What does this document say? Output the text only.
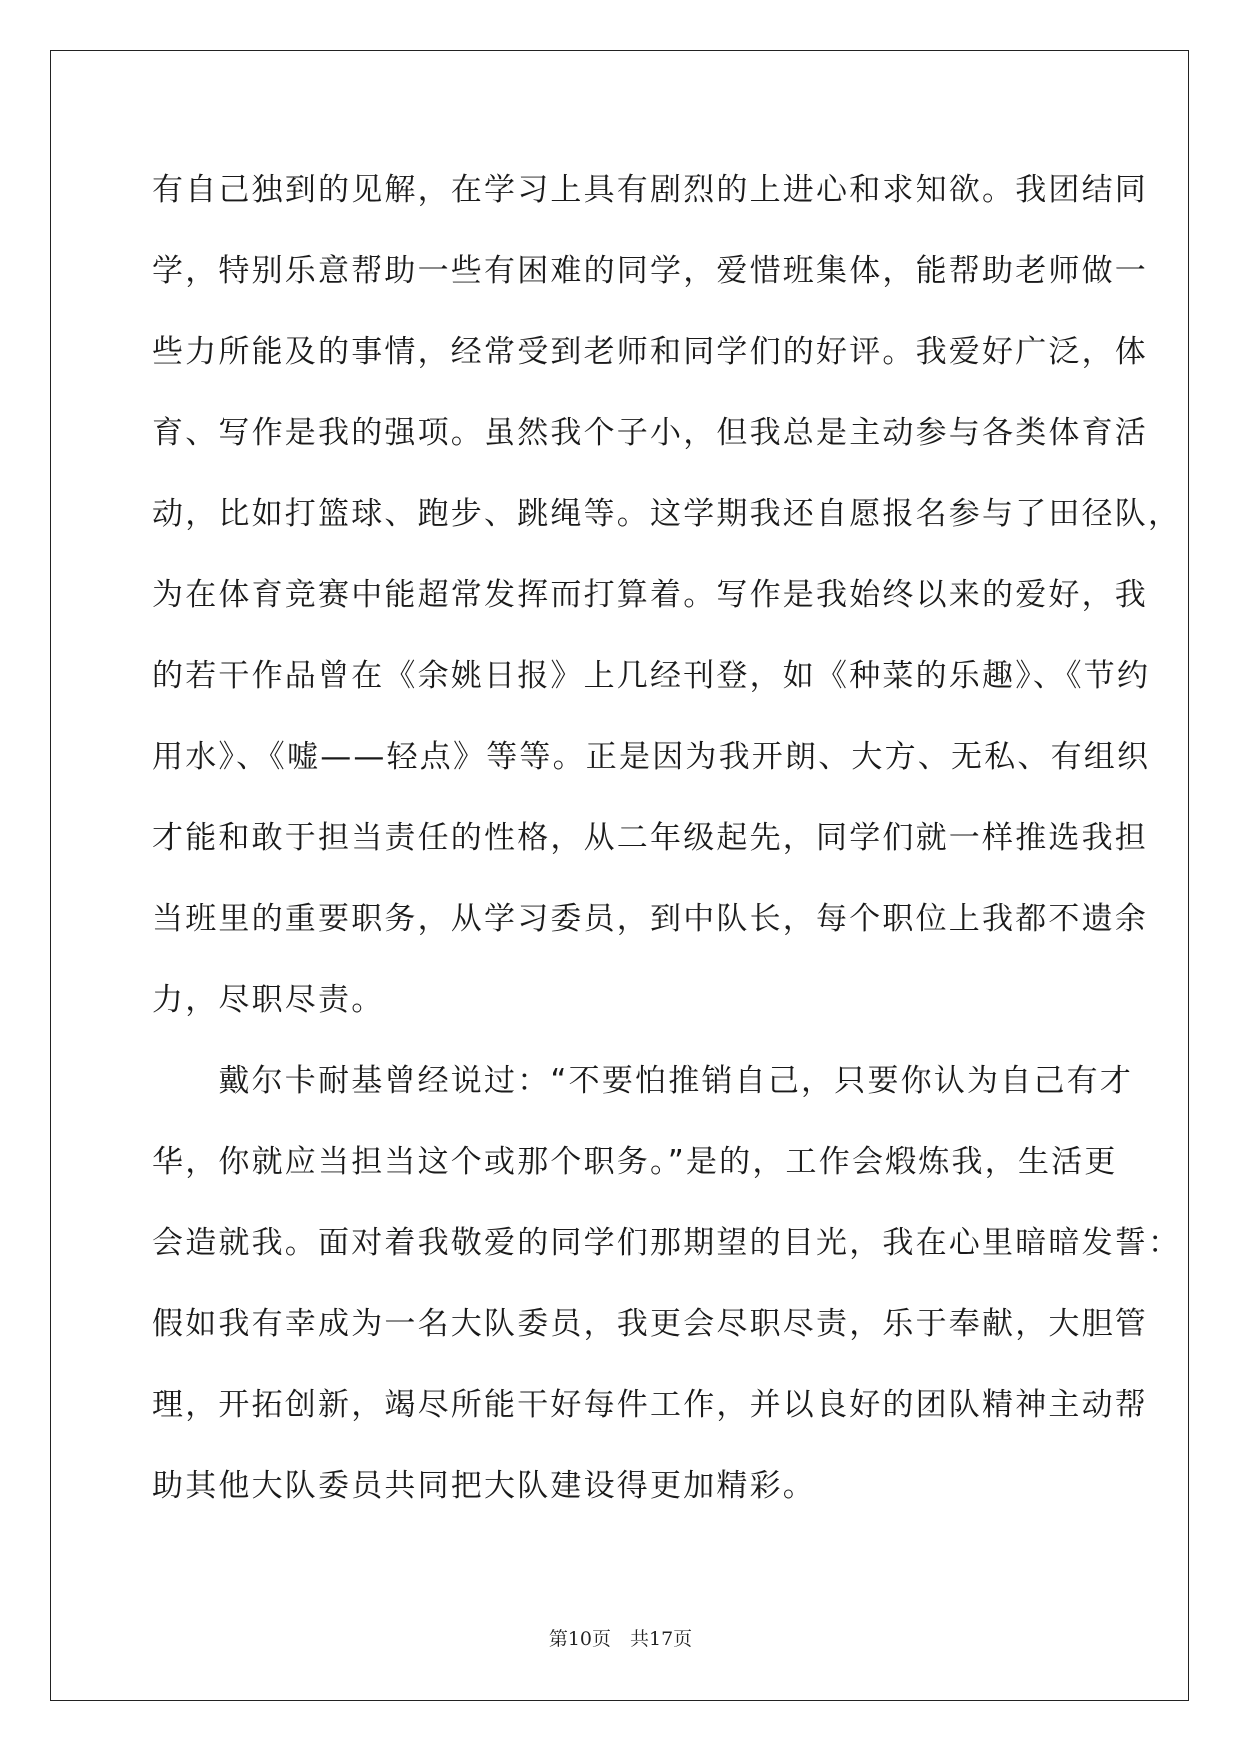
有自己独到的见解，在学习上具有剧烈的上进心和求知欲。我团结同
学，特别乐意帮助一些有困难的同学，爱惜班集体，能帮助老师做一
些力所能及的事情，经常受到老师和同学们的好评。我爱好广泛，体
育、写作是我的强项。虽然我个子小，但我总是主动参与各类体育活
动，比如打篮球、跑步、跳绳等。这学期我还自愿报名参与了田径队，
为在体育竞赛中能超常发挥而打算着。写作是我始终以来的爱好，我
的若干作品曾在《余姚日报》上几经刊登，如《种菜的乐趣》、《节约
用水》、《嘘——轻点》等等。正是因为我开朗、大方、无私、有组织
才能和敢于担当责任的性格，从二年级起先，同学们就一样推选我担
当班里的重要职务，从学习委员，到中队长，每个职位上我都不遗余
力，尽职尽责。
　　戴尔卡耐基曾经说过：“不要怕推销自己，只要你认为自己有才
华，你就应当担当这个或那个职务。”是的，工作会煅炼我，生活更
会造就我。面对着我敬爱的同学们那期望的目光，我在心里暗暗发誓：
假如我有幸成为一名大队委员，我更会尽职尽责，乐于奉献，大胆管
理，开拓创新，竭尽所能干好每件工作，并以良好的团队精神主动帮
助其他大队委员共同把大队建设得更加精彩。
第10页　共17页
